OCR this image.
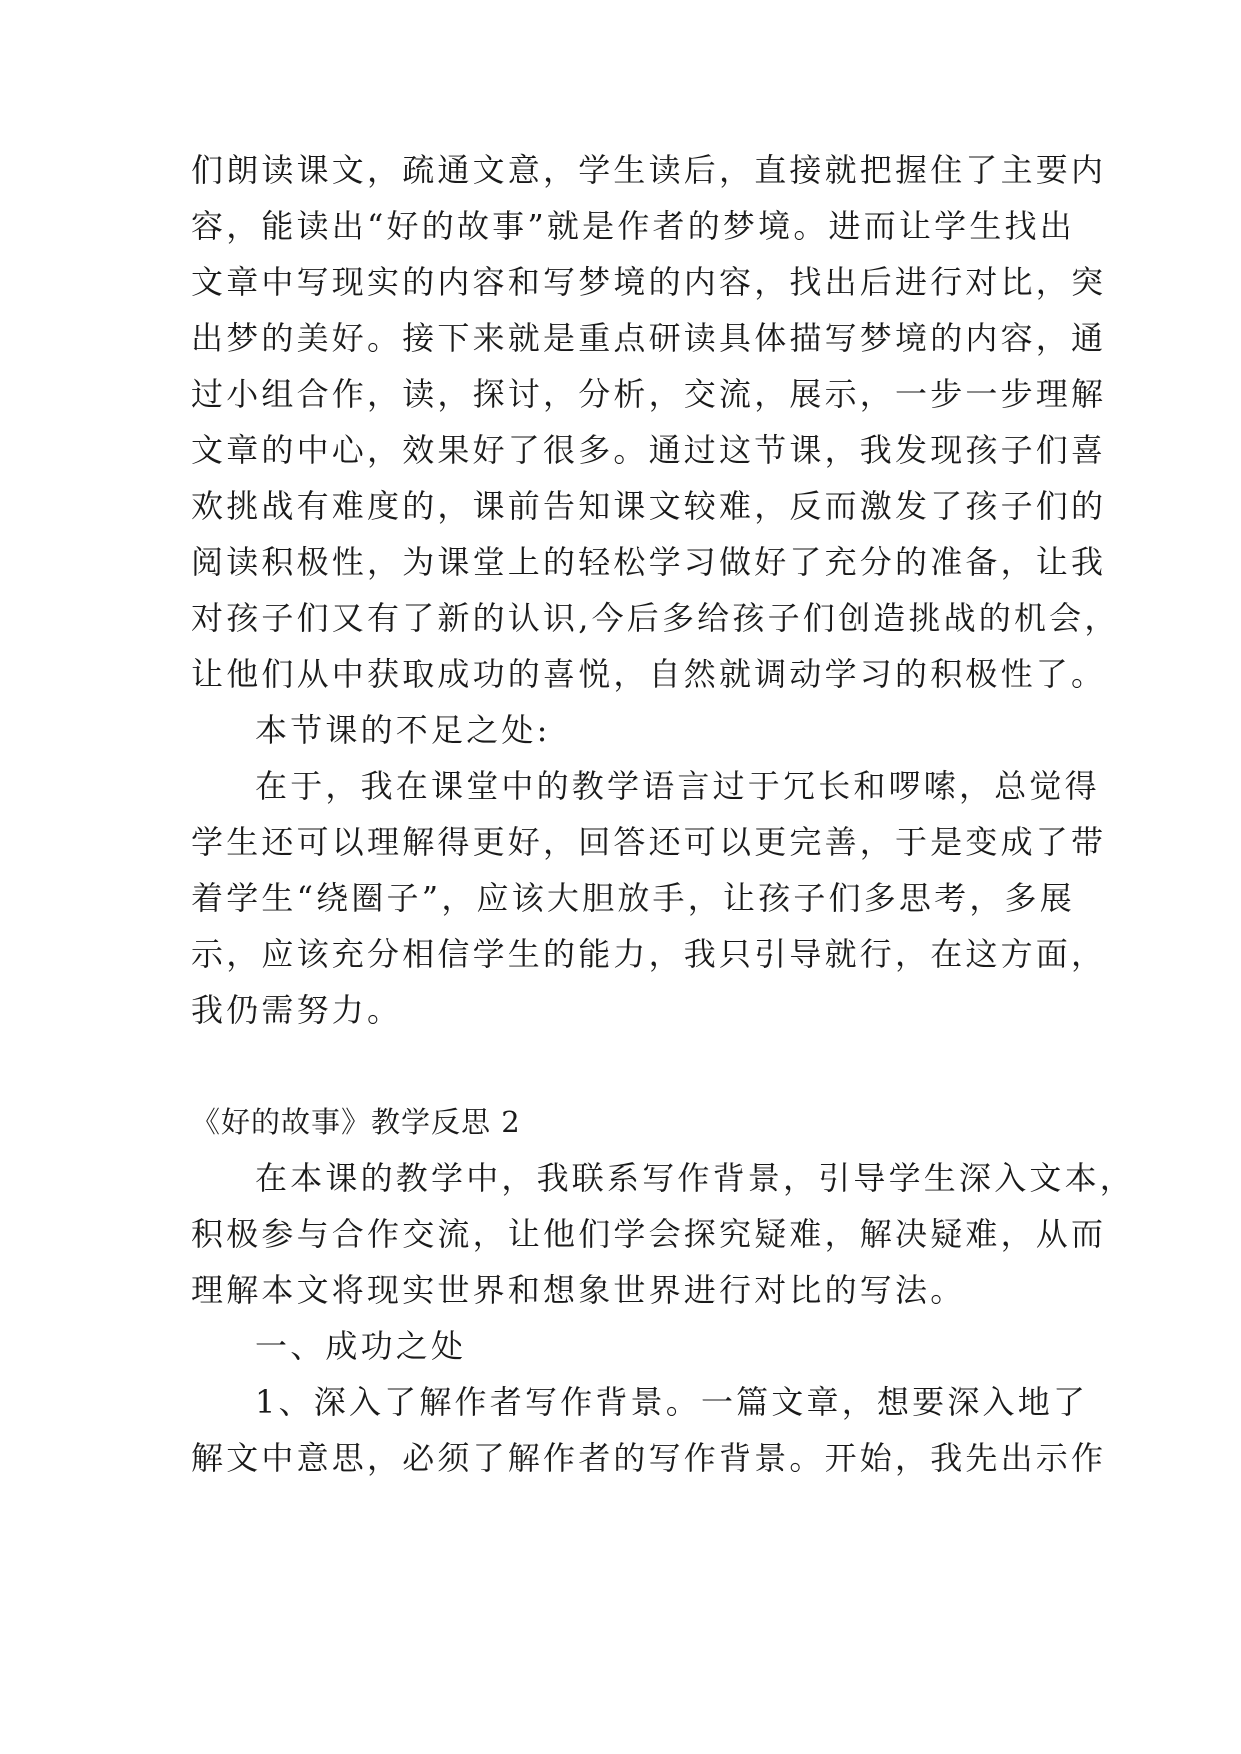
们朗读课文，疏通文意，学生读后，直接就把握住了主要内
容，能读出“好的故事”就是作者的梦境。进而让学生找出
文章中写现实的内容和写梦境的内容，找出后进行对比，突
出梦的美好。接下来就是重点研读具体描写梦境的内容，通
过小组合作，读，探讨，分析，交流，展示，一步一步理解
文章的中心，效果好了很多。通过这节课，我发现孩子们喜
欢挑战有难度的，课前告知课文较难，反而激发了孩子们的
阅读积极性，为课堂上的轻松学习做好了充分的准备，让我
对孩子们又有了新的认识,今后多给孩子们创造挑战的机会，
让他们从中获取成功的喜悦，自然就调动学习的积极性了。
本节课的不足之处:
在于，我在课堂中的教学语言过于冗长和啰嗦，总觉得
学生还可以理解得更好，回答还可以更完善，于是变成了带
着学生“绕圈子”，应该大胆放手，让孩子们多思考，多展
示，应该充分相信学生的能力，我只引导就行，在这方面，
我仍需努力。
《好的故事》教学反思 2
在本课的教学中，我联系写作背景，引导学生深入文本，
积极参与合作交流，让他们学会探究疑难，解决疑难，从而
理解本文将现实世界和想象世界进行对比的写法。
一、成功之处
1、深入了解作者写作背景。一篇文章，想要深入地了
解文中意思，必须了解作者的写作背景。开始，我先出示作
